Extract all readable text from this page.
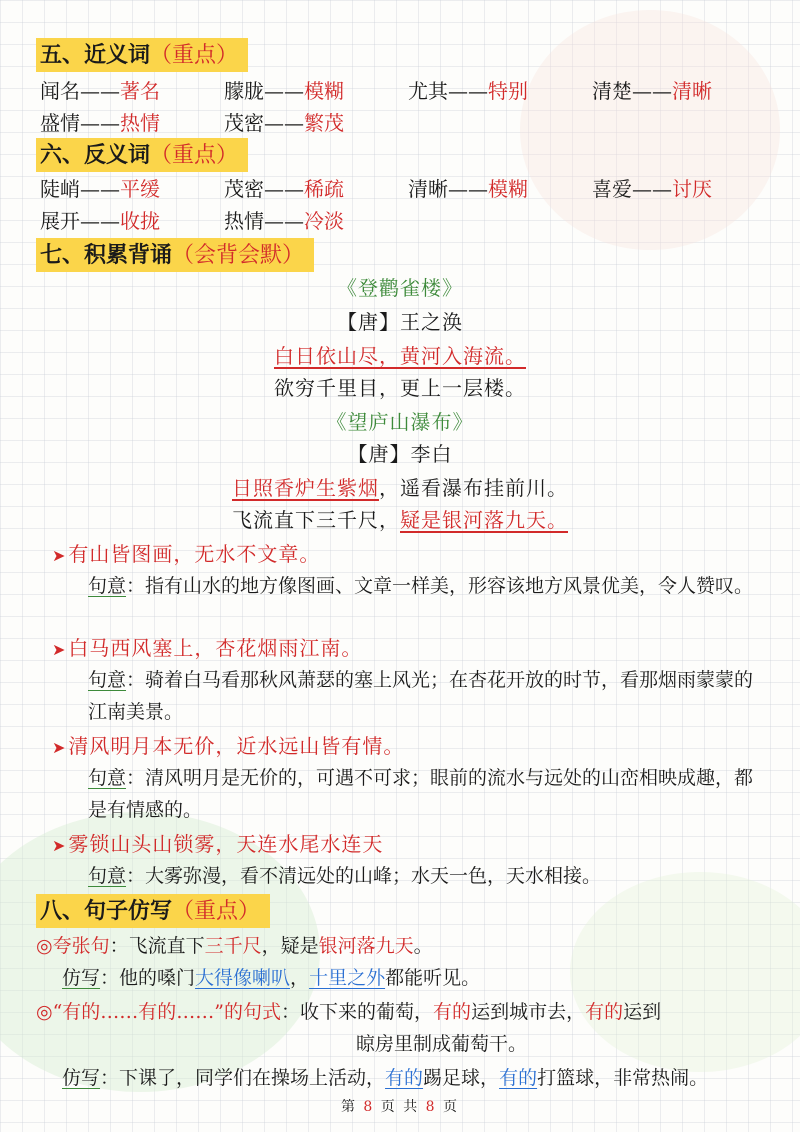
五、近义词（重点）
闻名——著名	朦胧——模糊	尤其——特别	清楚——清晰
盛情——热情	茂密——繁茂
六、反义词（重点）
陡峭——平缓	茂密——稀疏	清晰——模糊	喜爱——讨厌
展开——收拢	热情——冷淡
七、积累背诵（会背会默）
《登鹳雀楼》
【唐】王之涣
白日依山尽，黄河入海流。
欲穷千里目，更上一层楼。
《望庐山瀑布》
【唐】李白
日照香炉生紫烟，遥看瀑布挂前川。
飞流直下三千尺，疑是银河落九天。
➤ 有山皆图画，无水不文章。
句意：指有山水的地方像图画、文章一样美，形容该地方风景优美，令人赞叹。
➤ 白马西风塞上，杏花烟雨江南。
句意：骑着白马看那秋风萧瑟的塞上风光；在杏花开放的时节，看那烟雨蒙蒙的江南美景。
➤ 清风明月本无价，近水远山皆有情。
句意：清风明月是无价的，可遇不可求；眼前的流水与远处的山峦相映成趣，都是有情感的。
➤ 雾锁山头山锁雾，天连水尾水连天
句意：大雾弥漫，看不清远处的山峰；水天一色，天水相接。
八、句子仿写（重点）
◎夸张句：飞流直下三千尺，疑是银河落九天。
仿写：他的嗓门大得像喇叭，十里之外都能听见。
◎“有的……有的……”的句式：收下来的葡萄，有的运到城市去，有的运到
晾房里制成葡萄干。
仿写：下课了，同学们在操场上活动，有的踢足球，有的打篮球，非常热闹。
第 8 页 共 8 页
